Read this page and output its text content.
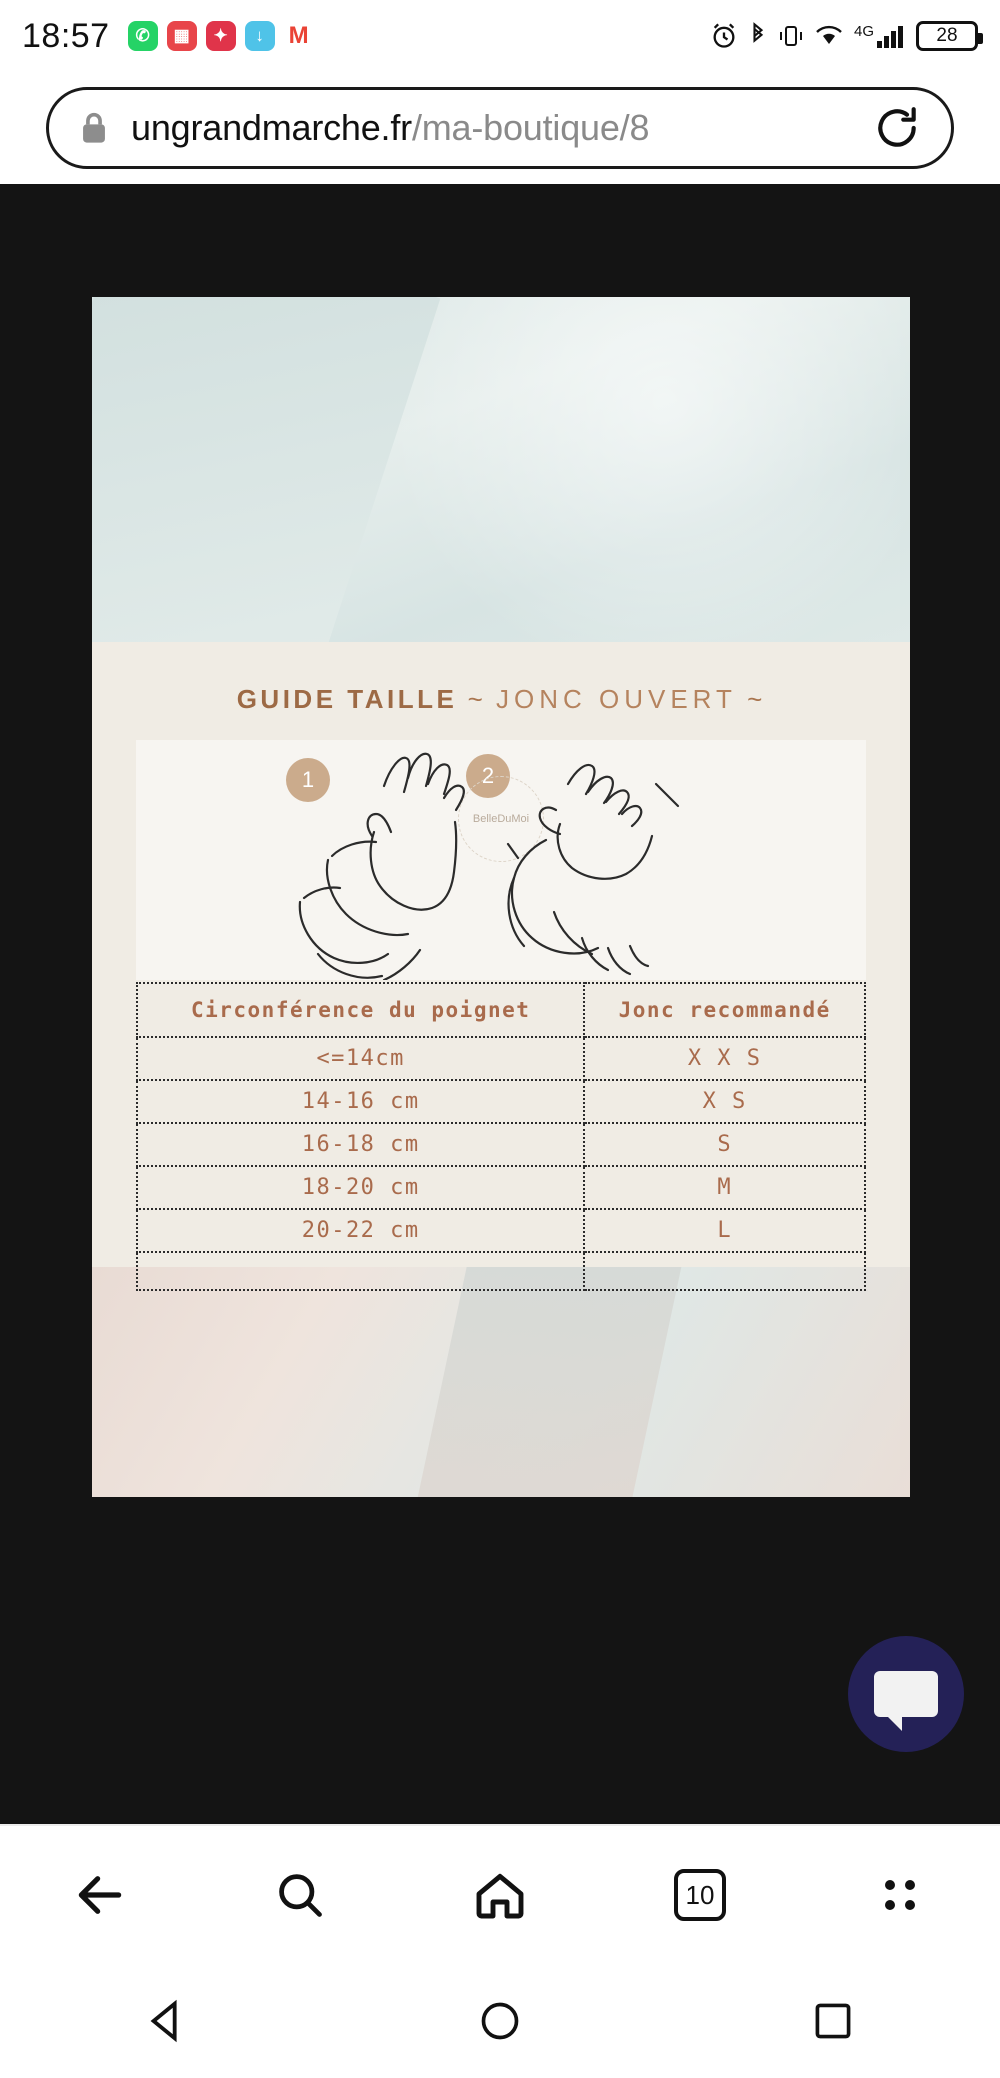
18:57	✆	▦	✦	↓	M	4G	28
ungrandmarche.fr/ma-boutique/8
GUIDE TAILLE ~ JONC OUVERT ~
1	2
BelleDuMoi
Circonférence du poignet	Jonc recommandé
<=14cm	X X S
14-16 cm	X S
16-18 cm	S
18-20 cm	M
20-22 cm	L

10
